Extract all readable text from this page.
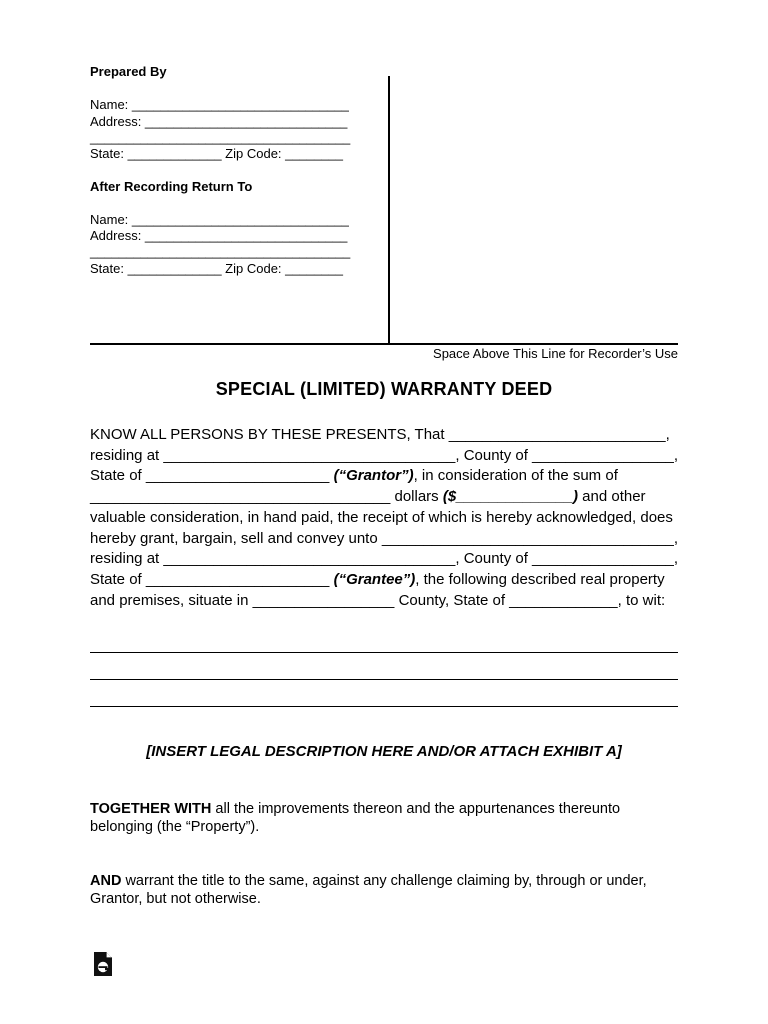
Prepared By
Name: ______________________________
Address: ____________________________
____________________________________
State: _____________ Zip Code: ________
After Recording Return To
Name: ______________________________
Address: ____________________________
____________________________________
State: _____________ Zip Code: ________
Space Above This Line for Recorder’s Use
SPECIAL (LIMITED) WARRANTY DEED
KNOW ALL PERSONS BY THESE PRESENTS, That __________________________,
residing at ___________________________________, County of _________________,
State of ______________________ (“Grantor”), in consideration of the sum of
____________________________________ dollars ($______________) and other
valuable consideration, in hand paid, the receipt of which is hereby acknowledged, does
hereby grant, bargain, sell and convey unto ___________________________________,
residing at ___________________________________, County of _________________,
State of ______________________ (“Grantee”), the following described real property
and premises, situate in _________________ County, State of _____________, to wit:
[INSERT LEGAL DESCRIPTION HERE AND/OR ATTACH EXHIBIT A]
TOGETHER WITH all the improvements thereon and the appurtenances thereunto
belonging (the “Property”).
AND warrant the title to the same, against any challenge claiming by, through or under,
Grantor, but not otherwise.
